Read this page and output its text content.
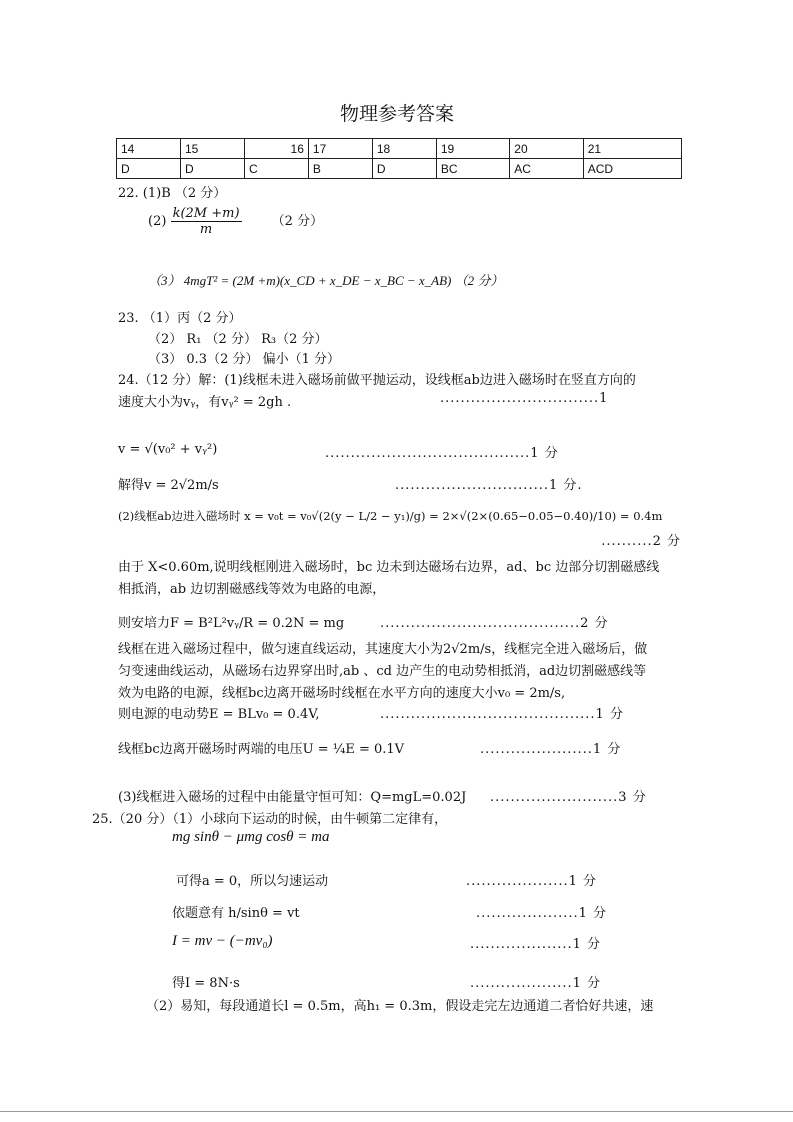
物理参考答案
14	15	16	17	18	19	20	21
D	D	C	B	D	BC	AC	ACD
22. (1)B （2 分）
$(2) \frac{k(2M +m)}{m} (2$ 分）
（3） 4mgT² = (2M +m)(x_CD + x_DE − x_BC − x_AB) （2 分）
23. （1）丙（2 分）
（2） R₁ （2 分） R₃（2 分）
（3） 0.3（2 分） 偏小（1 分）
24.（12 分）解：(1)线框未进入磁场前做平抛运动，设线框ab边进入磁场时在竖直方向的
速度大小为vᵧ，有vᵧ² = 2gh .	...............................1
v = √(v₀² + vᵧ²)	........................................1 分
解得v = 2√2m/s	..............................1 分.
(2)线框ab边进入磁场时 x = v₀t = v₀√(2(y − L/2 − y₁)/g) = 2×√(2×(0.65−0.05−0.40)/10) = 0.4m
..........2 分
由于 X<0.60m,说明线框刚进入磁场时，bc 边未到达磁场右边界，ad、bc 边部分切割磁感线
相抵消，ab 边切割磁感线等效为电路的电源，
则安培力F = B²L²vᵧ/R = 0.2N = mg	.......................................2 分
线框在进入磁场过程中，做匀速直线运动，其速度大小为2√2m/s，线框完全进入磁场后，做
匀变速曲线运动，从磁场右边界穿出时,ab 、cd 边产生的电动势相抵消，ad边切割磁感线等
效为电路的电源，线框bc边离开磁场时线框在水平方向的速度大小v₀ = 2m/s,
则电源的电动势E = BLv₀ = 0.4V,	..........................................1 分
线框bc边离开磁场时两端的电压U = ¼E = 0.1V	......................1 分
(3)线框进入磁场的过程中由能量守恒可知：Q=mgL=0.02J .........................3 分
25.（20 分）（1）小球向下运动的时候，由牛顿第二定律有，
mg sinθ − μmg cosθ = ma
可得a = 0，所以匀速运动	....................1 分
依题意有 h/sinθ = vt	....................1 分
I = mv − (−mv₀)	....................1 分
得I = 8N·s	....................1 分
（2）易知，每段通道长l = 0.5m，高h₁ = 0.3m，假设走完左边通道二者恰好共速，速
